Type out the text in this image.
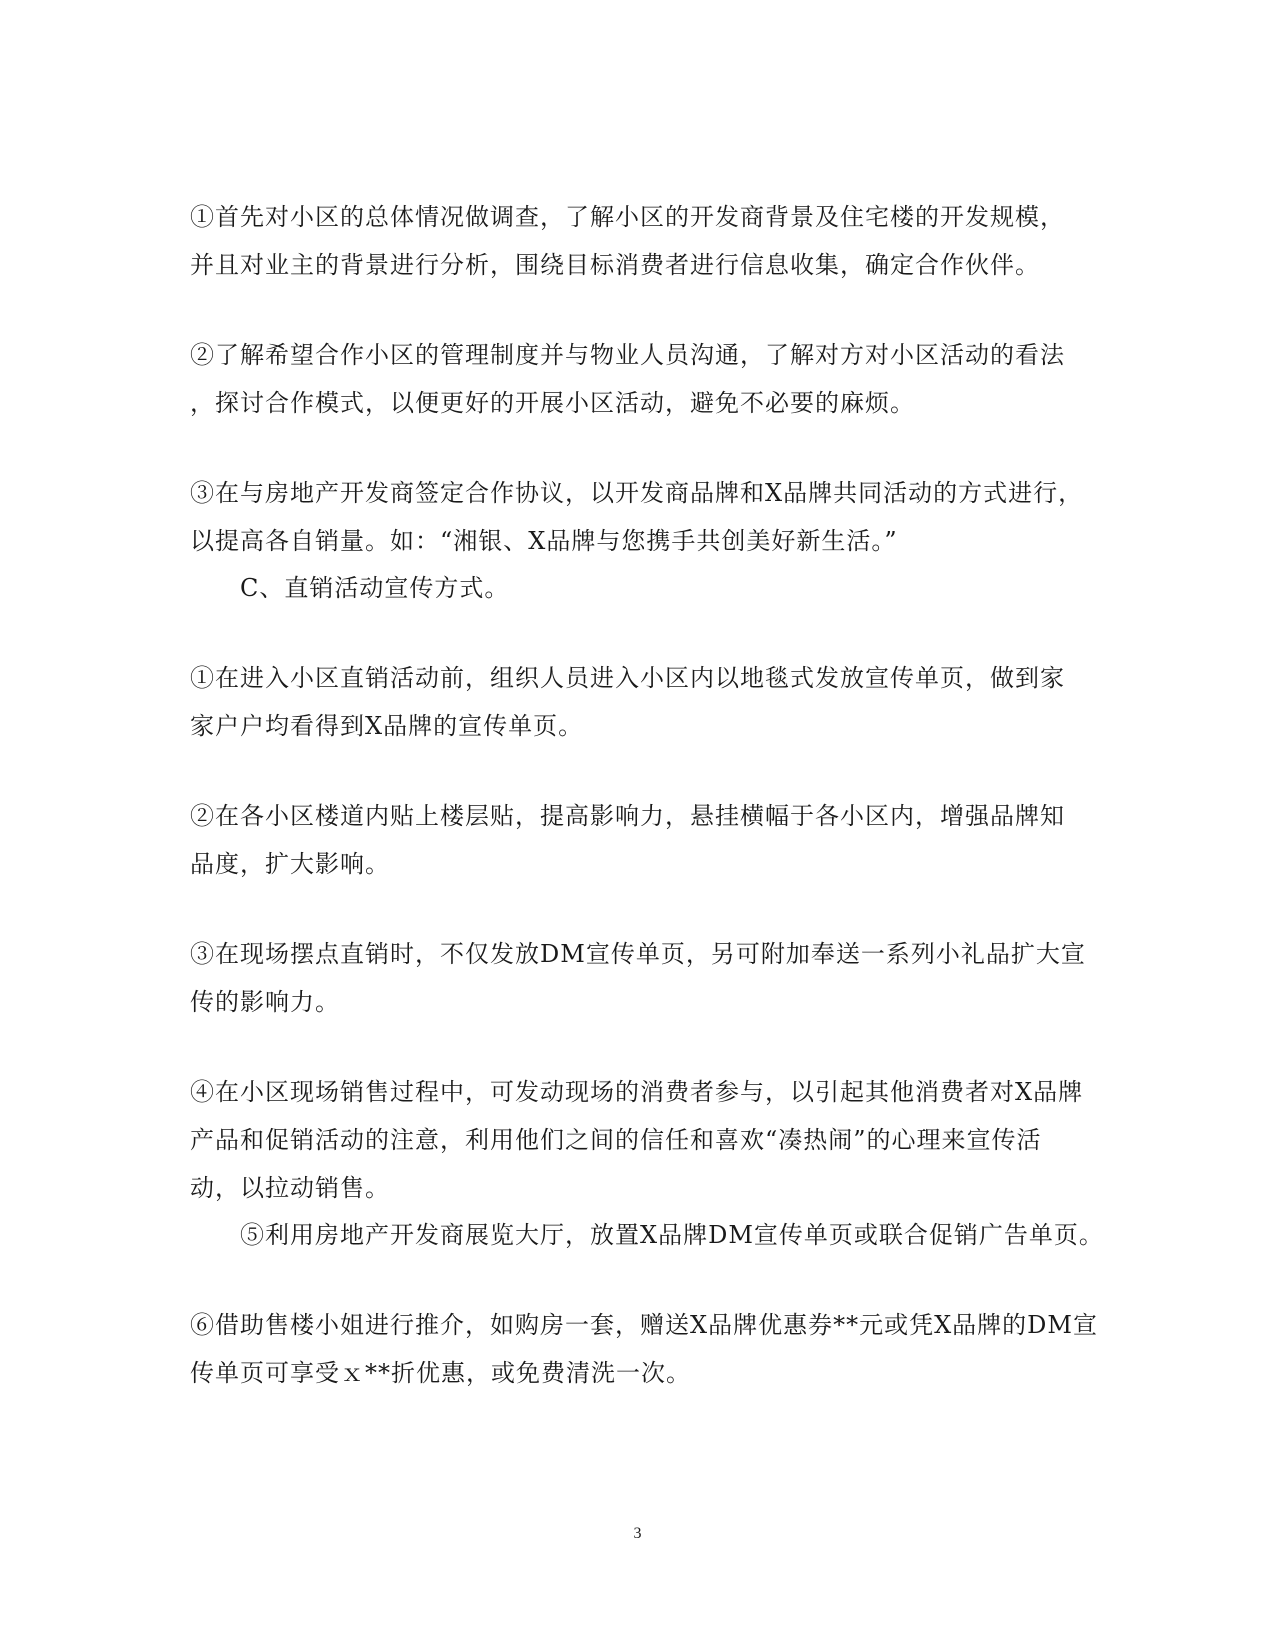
①首先对小区的总体情况做调查，了解小区的开发商背景及住宅楼的开发规模，
并且对业主的背景进行分析，围绕目标消费者进行信息收集，确定合作伙伴。
②了解希望合作小区的管理制度并与物业人员沟通，了解对方对小区活动的看法
，探讨合作模式，以便更好的开展小区活动，避免不必要的麻烦。
③在与房地产开发商签定合作协议，以开发商品牌和X品牌共同活动的方式进行，
以提高各自销量。如：“湘银、X品牌与您携手共创美好新生活。”
C、直销活动宣传方式。
①在进入小区直销活动前，组织人员进入小区内以地毯式发放宣传单页，做到家
家户户均看得到X品牌的宣传单页。
②在各小区楼道内贴上楼层贴，提高影响力，悬挂横幅于各小区内，增强品牌知
品度，扩大影响。
③在现场摆点直销时，不仅发放DM宣传单页，另可附加奉送一系列小礼品扩大宣
传的影响力。
④在小区现场销售过程中，可发动现场的消费者参与，以引起其他消费者对X品牌
产品和促销活动的注意，利用他们之间的信任和喜欢“凑热闹”的心理来宣传活
动，以拉动销售。
⑤利用房地产开发商展览大厅，放置X品牌DM宣传单页或联合促销广告单页。
⑥借助售楼小姐进行推介，如购房一套，赠送X品牌优惠券**元或凭X品牌的DM宣
传单页可享受ｘ**折优惠，或免费清洗一次。
3
